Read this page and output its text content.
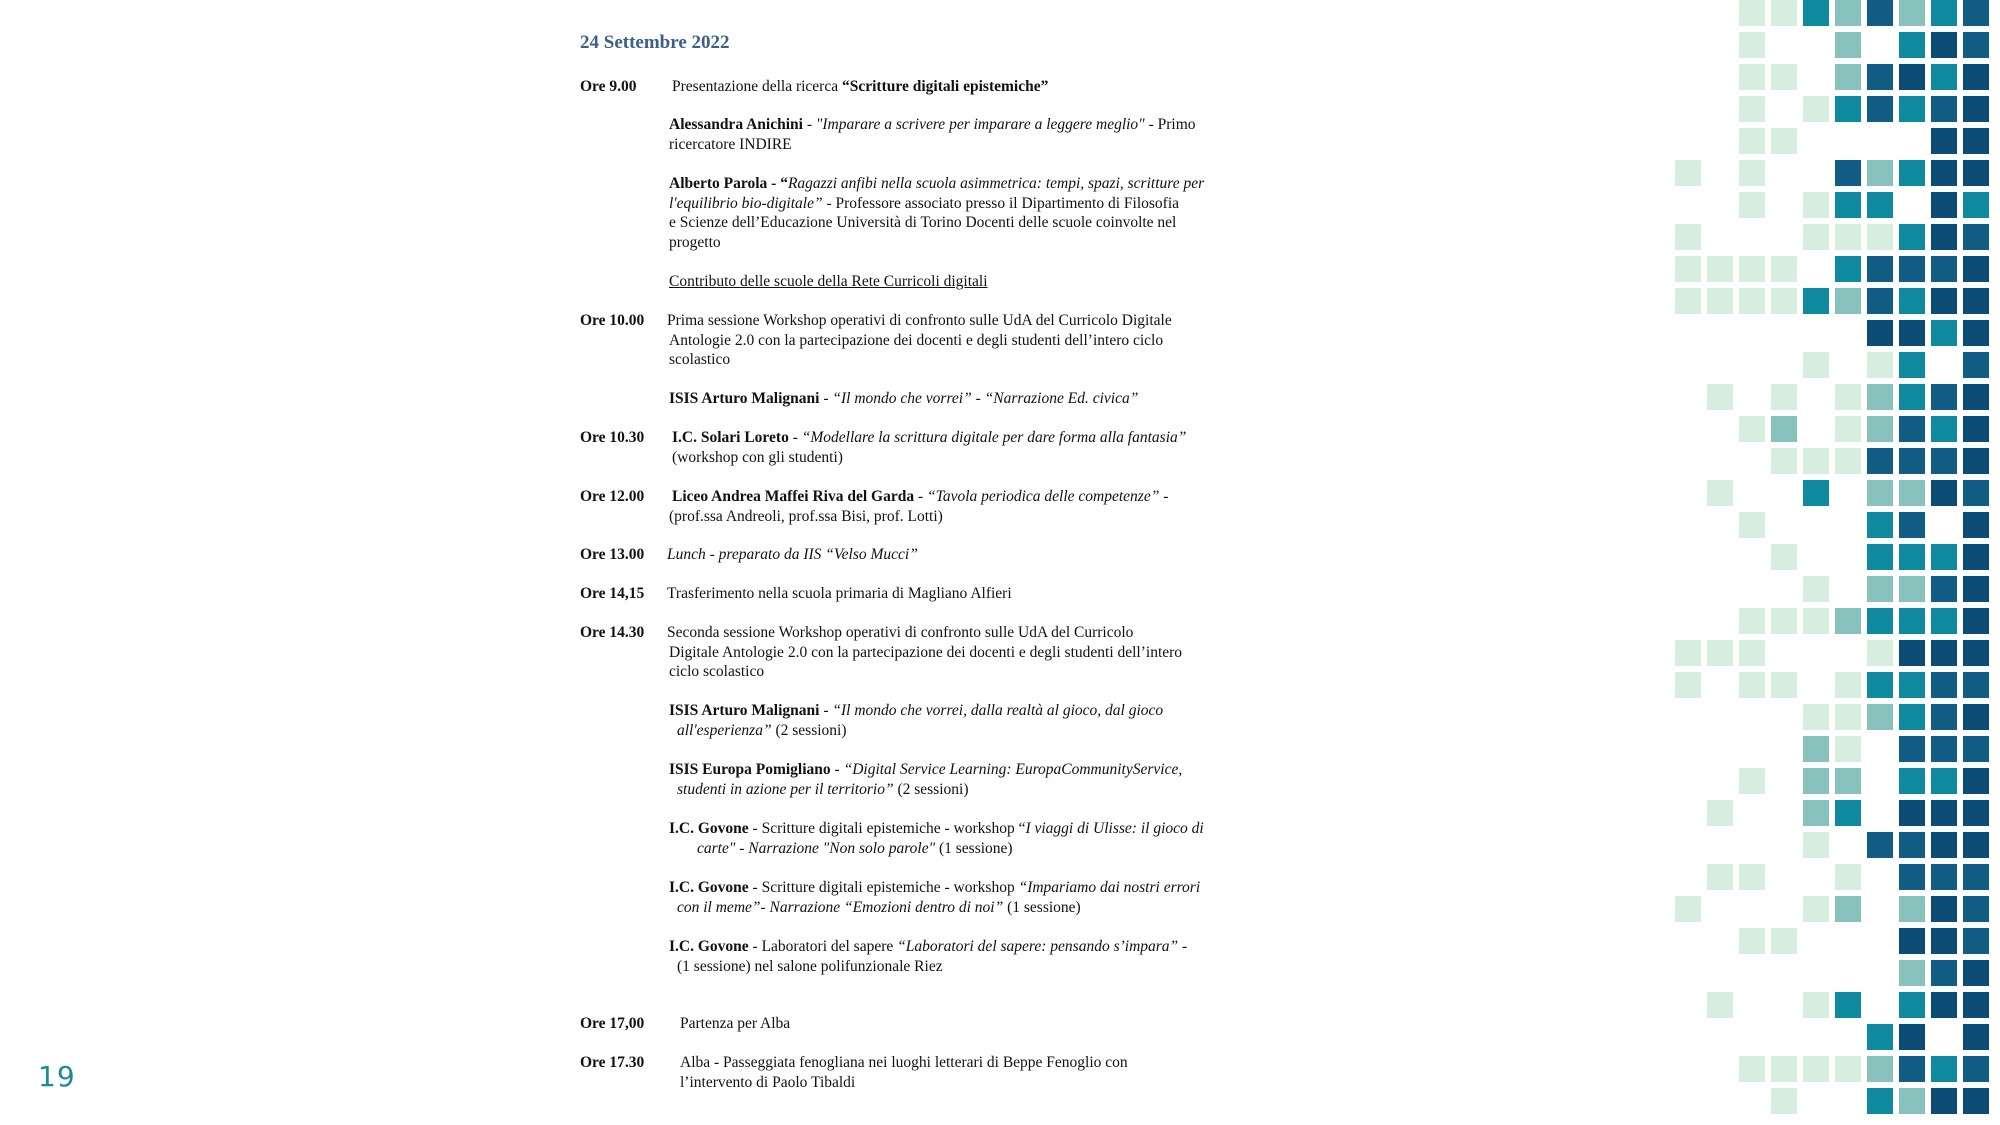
24 Settembre 2022
Ore 9.00 Presentazione della ricerca “Scritture digitali epistemiche”
Alessandra Anichini - "Imparare a scrivere per imparare a leggere meglio" - Primo
ricercatore INDIRE
Alberto Parola - “Ragazzi anfibi nella scuola asimmetrica: tempi, spazi, scritture per
l'equilibrio bio-digitale” - Professore associato presso il Dipartimento di Filosofia
e Scienze dell’Educazione Università di Torino Docenti delle scuole coinvolte nel
progetto
Contributo delle scuole della Rete Curricoli digitali
Ore 10.00 Prima sessione Workshop operativi di confronto sulle UdA del Curricolo Digitale
Antologie 2.0 con la partecipazione dei docenti e degli studenti dell’intero ciclo
scolastico
ISIS Arturo Malignani - “Il mondo che vorrei” - “Narrazione Ed. civica”
Ore 10.30 I.C. Solari Loreto - “Modellare la scrittura digitale per dare forma alla fantasia”
(workshop con gli studenti)
Ore 12.00 Liceo Andrea Maffei Riva del Garda - “Tavola periodica delle competenze” -
(prof.ssa Andreoli, prof.ssa Bisi, prof. Lotti)
Ore 13.00 Lunch - preparato da IIS “Velso Mucci”
Ore 14,15 Trasferimento nella scuola primaria di Magliano Alfieri
Ore 14.30 Seconda sessione Workshop operativi di confronto sulle UdA del Curricolo
Digitale Antologie 2.0 con la partecipazione dei docenti e degli studenti dell’intero
ciclo scolastico
ISIS Arturo Malignani - “Il mondo che vorrei, dalla realtà al gioco, dal gioco
all'esperienza” (2 sessioni)
ISIS Europa Pomigliano - “Digital Service Learning: EuropaCommunityService,
studenti in azione per il territorio” (2 sessioni)
I.C. Govone - Scritture digitali epistemiche - workshop “I viaggi di Ulisse: il gioco di
carte" - Narrazione "Non solo parole" (1 sessione)
I.C. Govone - Scritture digitali epistemiche - workshop “Impariamo dai nostri errori
con il meme”- Narrazione “Emozioni dentro di noi” (1 sessione)
I.C. Govone - Laboratori del sapere “Laboratori del sapere: pensando s’impara” -
(1 sessione) nel salone polifunzionale Riez
Ore 17,00 Partenza per Alba
Ore 17.30 Alba - Passeggiata fenogliana nei luoghi letterari di Beppe Fenoglio con
l’intervento di Paolo Tibaldi
19
